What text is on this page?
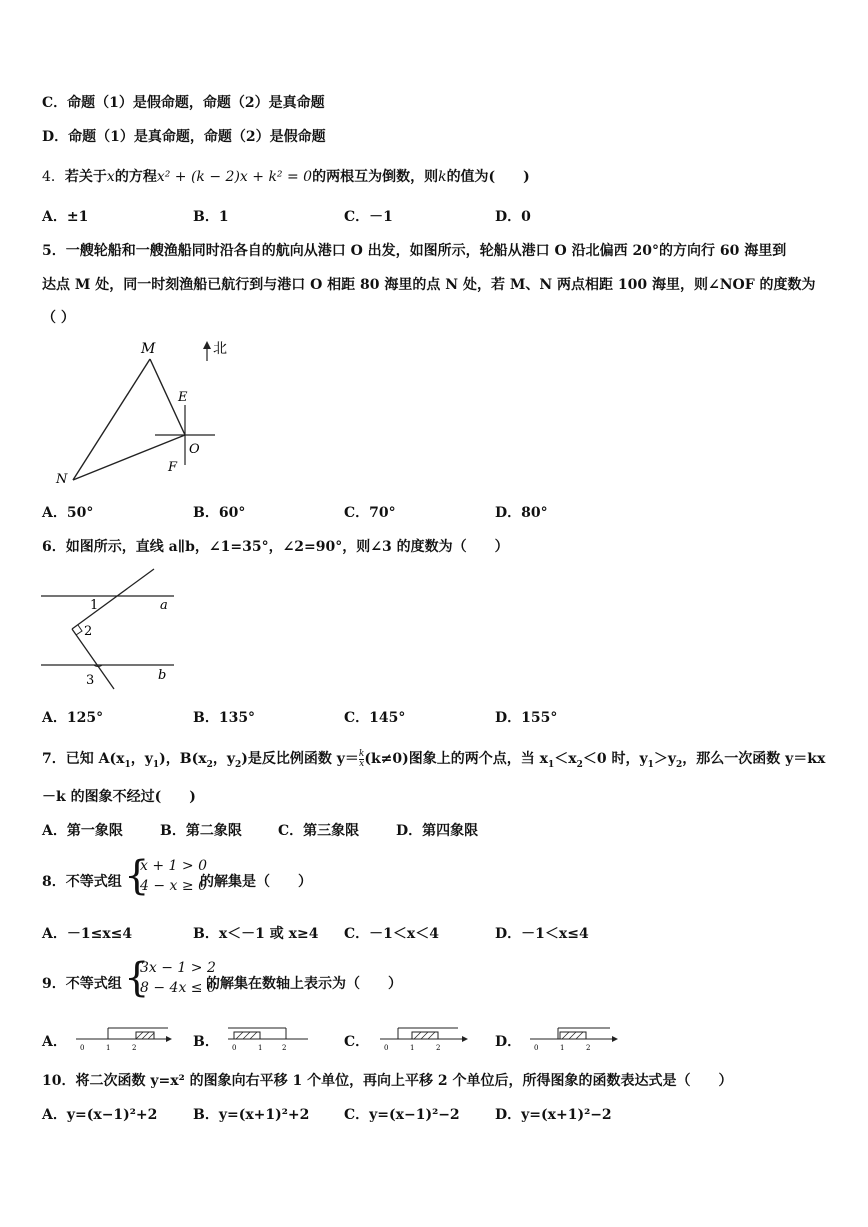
C．命题（1）是假命题，命题（2）是真命题
D．命题（1）是真命题，命题（2）是假命题
4．若关于x的方程x² + (k − 2)x + k² = 0的两根互为倒数，则k的值为(　　)
A．±1	B．1	C．－1	D．0
5．一艘轮船和一艘渔船同时沿各自的航向从港口 O 出发，如图所示，轮船从港口 O 沿北偏西 20°的方向行 60 海里到
达点 M 处，同一时刻渔船已航行到与港口 O 相距 80 海里的点 N 处，若 M、N 两点相距 100 海里，则∠NOF 的度数为
（ ）
M
E
O
F
N
北
A．50°	B．60°	C．70°	D．80°
6．如图所示，直线 a∥b，∠1=35°，∠2=90°，则∠3 的度数为（　　）
1
2
3
a
b
A．125°	B．135°	C．145°	D．155°
7．已知 $A(x_1$，$y_1$)，$B(x_2$，$y_2$)是反比例函数 $y= \frac{k}{x} (k\ne 0)$图象上的两个点，当 $x_1<x_2<0$ 时，$y_1>y_2$，那么一次函数 y＝kx
－k 的图象不经过(　　)
A．第一象限	B．第二象限	C．第三象限	D．第四象限
8．不等式组 {
x + 1 > 0
4 − x ≥ 0
的解集是（　　）
A．－1≤x≤4	B．x＜－1 或 x≥4 C．－1＜x＜4	D．－1＜x≤4
9．不等式组 {
3x − 1 > 2
8 − 4x ≤ 0
的解集在数轴上表示为（　　）
A． 0	1	2	B． 0	1	2	C． 0	1	2	D． 0	1	2
10．将二次函数 y=x² 的图象向右平移 1 个单位，再向上平移 2 个单位后，所得图象的函数表达式是（　　）
A．y=(x−1)²+2	B．y=(x+1)²+2 C．y=(x−1)²−2	D．y=(x+1)²−2
